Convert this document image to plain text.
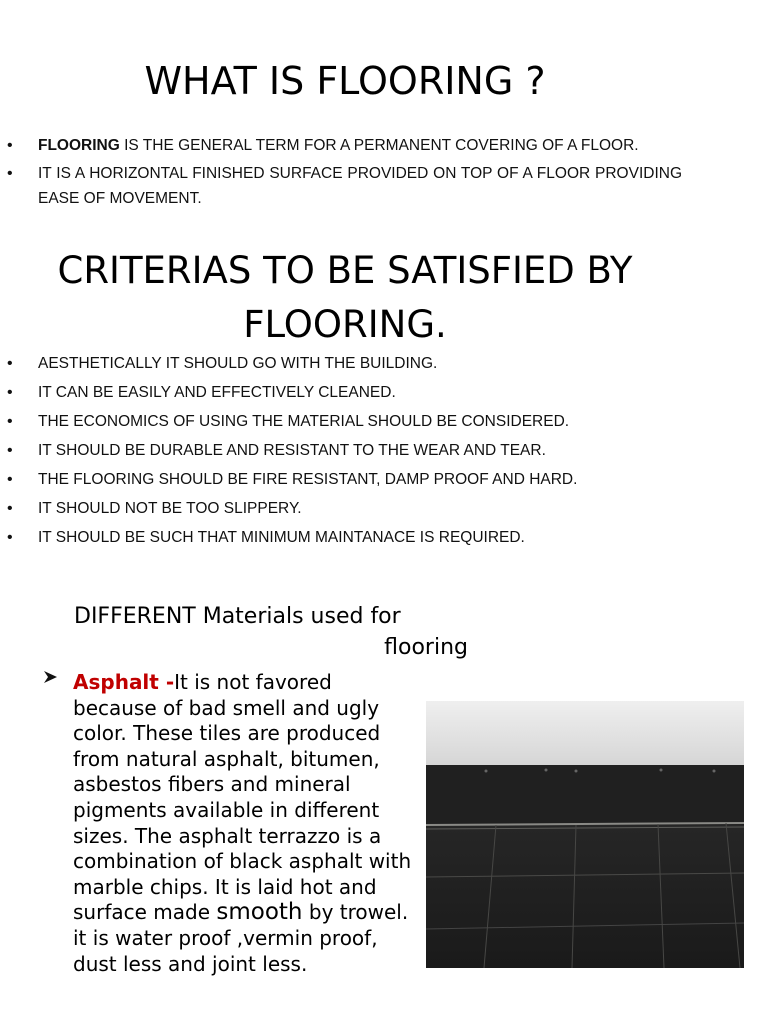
WHAT IS FLOORING ?
• FLOORING IS THE GENERAL TERM FOR A PERMANENT COVERING OF A FLOOR.
• IT IS A HORIZONTAL FINISHED SURFACE PROVIDED ON TOP OF A FLOOR PROVIDING EASE OF MOVEMENT.
CRITERIAS TO BE SATISFIED BY
FLOORING.
• AESTHETICALLY IT SHOULD GO WITH THE BUILDING.
• IT CAN BE EASILY AND EFFECTIVELY CLEANED.
• THE ECONOMICS OF USING THE MATERIAL SHOULD BE CONSIDERED.
• IT SHOULD BE DURABLE AND RESISTANT TO THE WEAR AND TEAR.
• THE FLOORING SHOULD BE FIRE RESISTANT, DAMP PROOF AND HARD.
• IT SHOULD NOT BE TOO SLIPPERY.
• IT SHOULD BE SUCH THAT MINIMUM MAINTANACE IS REQUIRED.
DIFFERENT Materials used for
flooring
Asphalt -It is not favored because of bad smell and ugly color. These tiles are produced from natural asphalt, bitumen, asbestos fibers and mineral pigments available in different sizes. The asphalt terrazzo is a combination of black asphalt with marble chips. It is laid hot and surface made smooth by trowel. it is water proof ,vermin proof, dust less and joint less.
